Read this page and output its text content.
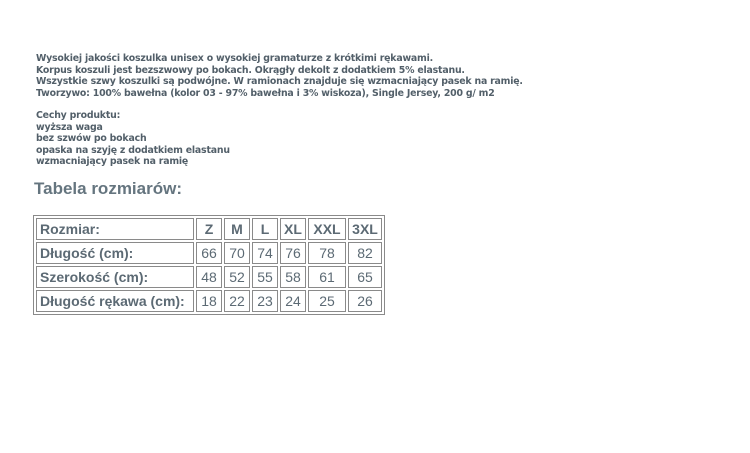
Wysokiej jakości koszulka unisex o wysokiej gramaturze z krótkimi rękawami.

Korpus koszuli jest bezszwowy po bokach. Okrągły dekolt z dodatkiem 5% elastanu.

Wszystkie szwy koszulki są podwójne. W ramionach znajduje się wzmacniający pasek na ramię.

Tworzywo: 100% bawełna (kolor 03 - 97% bawełna i 3% wiskoza), Single Jersey, 200 g/ m2

Cechy produktu:
wyższa waga
bez szwów po bokach
opaska na szyję z dodatkiem elastanu
wzmacniający pasek na ramię
Tabela rozmiarów:
Rozmiar:	Z	M	L	XL	XXL	3XL
Długość (cm):	66	70	74	76	78	82
Szerokość (cm):	48	52	55	58	61	65
Długość rękawa (cm):	18	22	23	24	25	26
